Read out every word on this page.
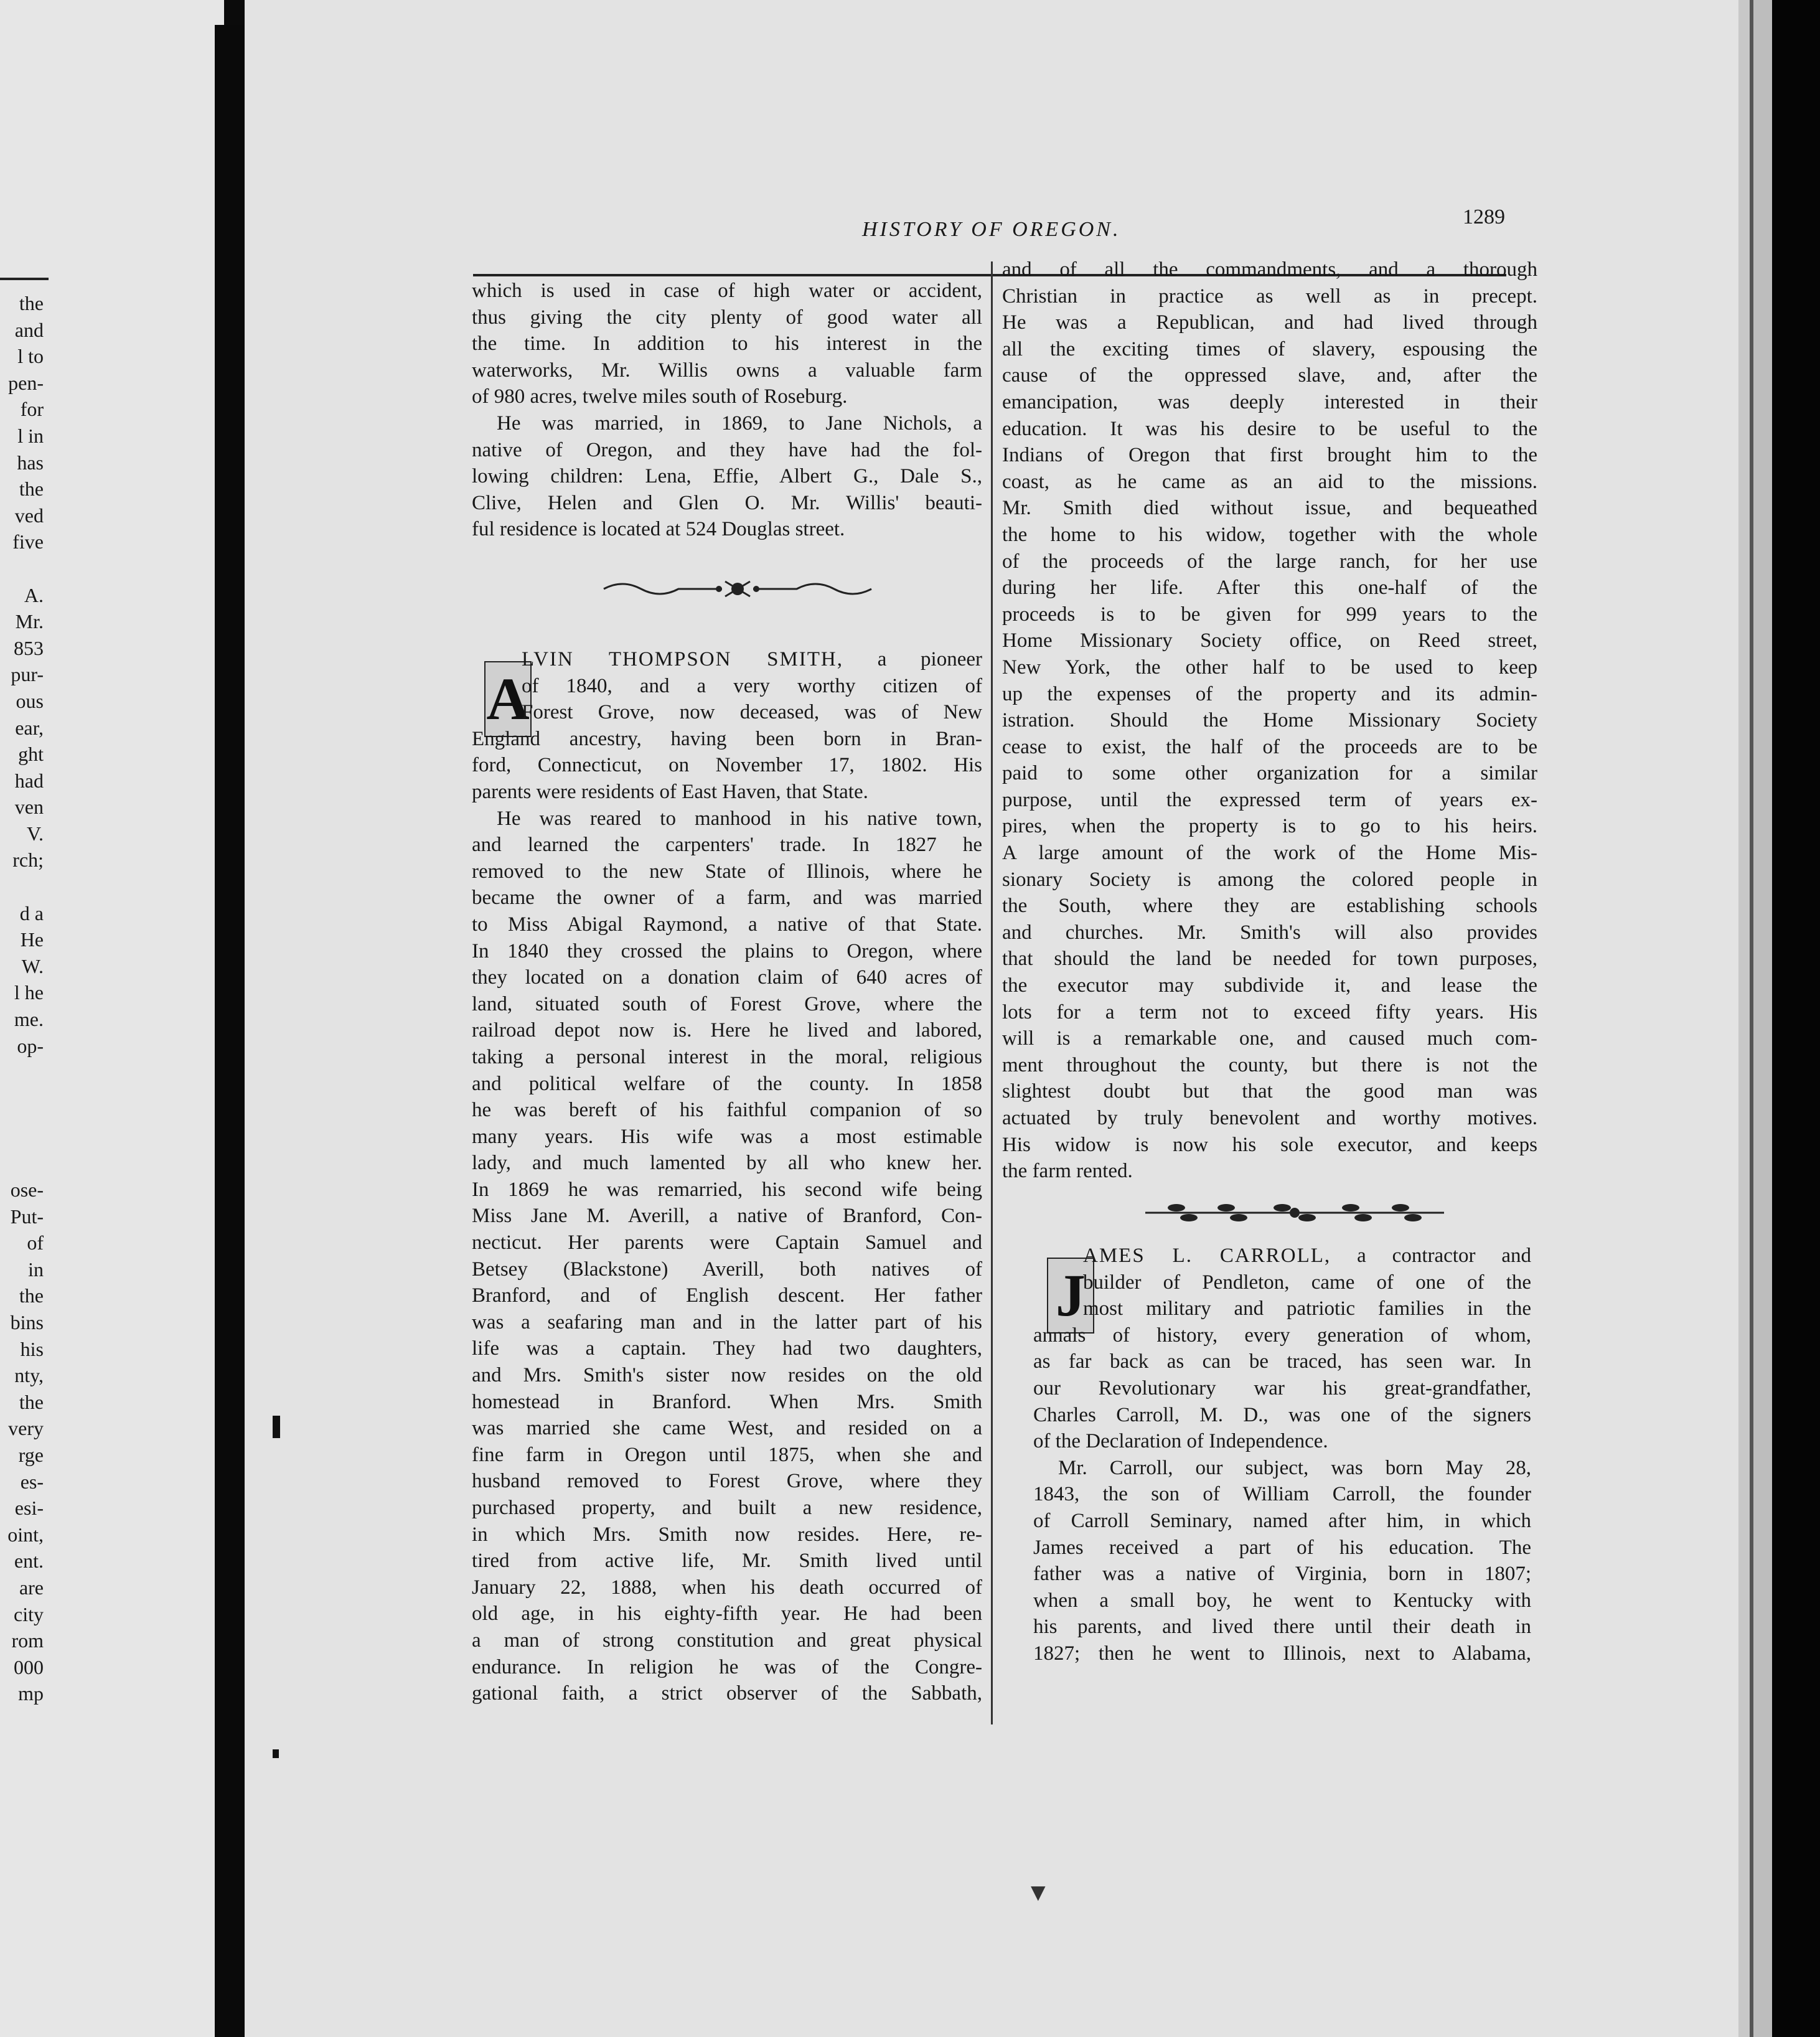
the
and
l to
pen-
for
l in
has
the
ved
five

A.
Mr.
853
pur-
ous
ear,
ght
had
ven
V.
rch;

d a
He
W.
l he
me.
op-
ose-
Put-
of
in
the
bins
his
nty,
the
very
rge
es-
esi-
oint,
ent.
are
city
rom
000
mp
HISTORY OF OREGON.
1289
which is used in case of high water or accident,
thus giving the city plenty of good water all
the time. In addition to his interest in the
waterworks, Mr. Willis owns a valuable farm
of 980 acres, twelve miles south of Roseburg.
He was married, in 1869, to Jane Nichols, a
native of Oregon, and they have had the fol-
lowing children: Lena, Effie, Albert G., Dale S.,
Clive, Helen and Glen O. Mr. Willis' beauti-
ful residence is located at 524 Douglas street.
A
LVIN THOMPSON SMITH, a pioneer
of 1840, and a very worthy citizen of
Forest Grove, now deceased, was of New
England ancestry, having been born in Bran-
ford, Connecticut, on November 17, 1802. His
parents were residents of East Haven, that State.
He was reared to manhood in his native town,
and learned the carpenters' trade. In 1827 he
removed to the new State of Illinois, where he
became the owner of a farm, and was married
to Miss Abigal Raymond, a native of that State.
In 1840 they crossed the plains to Oregon, where
they located on a donation claim of 640 acres of
land, situated south of Forest Grove, where the
railroad depot now is. Here he lived and labored,
taking a personal interest in the moral, religious
and political welfare of the county. In 1858
he was bereft of his faithful companion of so
many years. His wife was a most estimable
lady, and much lamented by all who knew her.
In 1869 he was remarried, his second wife being
Miss Jane M. Averill, a native of Branford, Con-
necticut. Her parents were Captain Samuel and
Betsey (Blackstone) Averill, both natives of
Branford, and of English descent. Her father
was a seafaring man and in the latter part of his
life was a captain. They had two daughters,
and Mrs. Smith's sister now resides on the old
homestead in Branford. When Mrs. Smith
was married she came West, and resided on a
fine farm in Oregon until 1875, when she and
husband removed to Forest Grove, where they
purchased property, and built a new residence,
in which Mrs. Smith now resides. Here, re-
tired from active life, Mr. Smith lived until
January 22, 1888, when his death occurred of
old age, in his eighty-fifth year. He had been
a man of strong constitution and great physical
endurance. In religion he was of the Congre-
gational faith, a strict observer of the Sabbath,
and of all the commandments, and a thorough
Christian in practice as well as in precept.
He was a Republican, and had lived through
all the exciting times of slavery, espousing the
cause of the oppressed slave, and, after the
emancipation, was deeply interested in their
education. It was his desire to be useful to the
Indians of Oregon that first brought him to the
coast, as he came as an aid to the missions.
Mr. Smith died without issue, and bequeathed
the home to his widow, together with the whole
of the proceeds of the large ranch, for her use
during her life. After this one-half of the
proceeds is to be given for 999 years to the
Home Missionary Society office, on Reed street,
New York, the other half to be used to keep
up the expenses of the property and its admin-
istration. Should the Home Missionary Society
cease to exist, the half of the proceeds are to be
paid to some other organization for a similar
purpose, until the expressed term of years ex-
pires, when the property is to go to his heirs.
A large amount of the work of the Home Mis-
sionary Society is among the colored people in
the South, where they are establishing schools
and churches. Mr. Smith's will also provides
that should the land be needed for town purposes,
the executor may subdivide it, and lease the
lots for a term not to exceed fifty years. His
will is a remarkable one, and caused much com-
ment throughout the county, but there is not the
slightest doubt but that the good man was
actuated by truly benevolent and worthy motives.
His widow is now his sole executor, and keeps
the farm rented.
J
AMES L. CARROLL, a contractor and
builder of Pendleton, came of one of the
most military and patriotic families in the
annals of history, every generation of whom,
as far back as can be traced, has seen war. In
our Revolutionary war his great-grandfather,
Charles Carroll, M. D., was one of the signers
of the Declaration of Independence.
Mr. Carroll, our subject, was born May 28,
1843, the son of William Carroll, the founder
of Carroll Seminary, named after him, in which
James received a part of his education. The
father was a native of Virginia, born in 1807;
when a small boy, he went to Kentucky with
his parents, and lived there until their death in
1827; then he went to Illinois, next to Alabama,
▼
